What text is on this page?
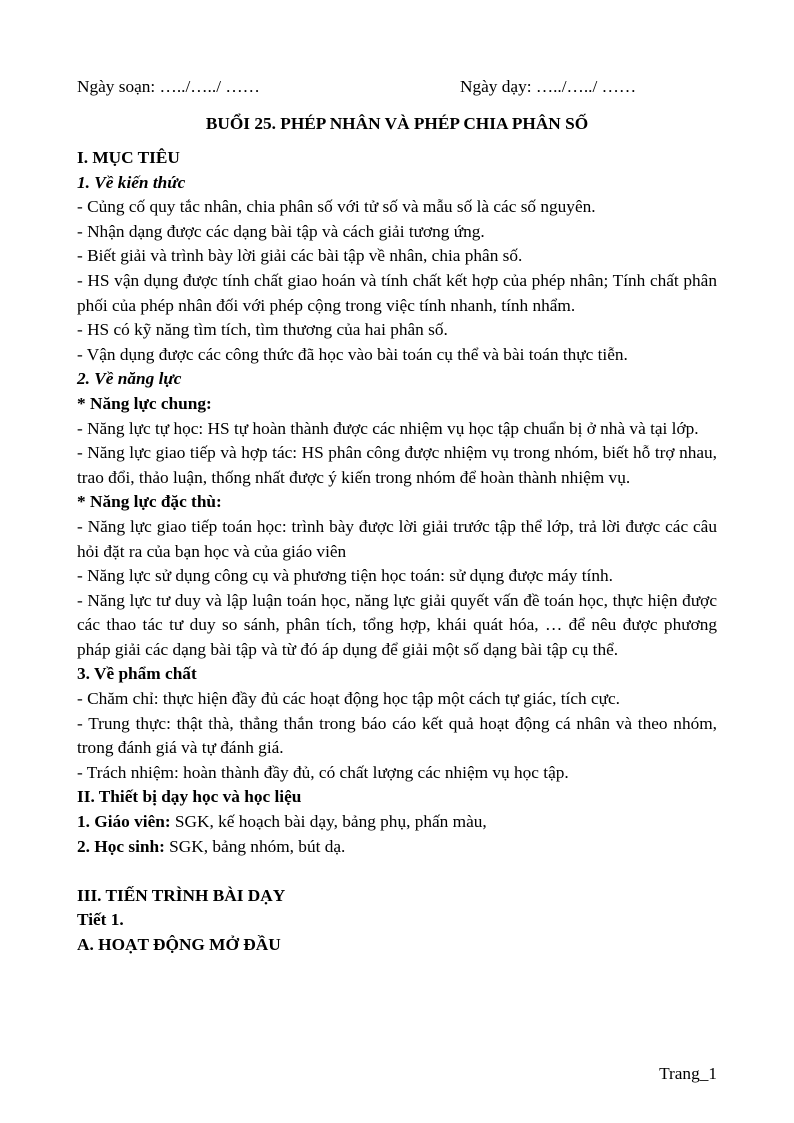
Ngày soạn: …../…../ ……	Ngày dạy: …../…../ ……
BUỔI 25. PHÉP NHÂN VÀ PHÉP CHIA PHÂN SỐ

I. MỤC TIÊU

1. Về kiến thức

- Củng cố quy tắc nhân, chia phân số với tử số và mẫu số là các số nguyên.

- Nhận dạng được các dạng bài tập và cách giải tương ứng.

- Biết giải và trình bày lời giải các bài tập về nhân, chia phân số.

- HS vận dụng được tính chất giao hoán và tính chất kết hợp của phép nhân; Tính chất phân phối của phép nhân đối với phép cộng trong việc tính nhanh, tính nhẩm.

- HS có kỹ năng tìm tích, tìm thương của hai phân số.

- Vận dụng được các công thức đã học vào bài toán cụ thể và bài toán thực tiễn.

2. Về năng lực

* Năng lực chung:

- Năng lực tự học: HS tự hoàn thành được các nhiệm vụ học tập chuẩn bị ở nhà và tại lớp.

- Năng lực giao tiếp và hợp tác: HS phân công được nhiệm vụ trong nhóm, biết hỗ trợ nhau, trao đổi, thảo luận, thống nhất được ý kiến trong nhóm để hoàn thành nhiệm vụ.

* Năng lực đặc thù:

- Năng lực giao tiếp toán học: trình bày được lời giải trước tập thể lớp, trả lời được các câu hỏi đặt ra của bạn học và của giáo viên

- Năng lực sử dụng công cụ và phương tiện học toán: sử dụng được máy tính.

- Năng lực tư duy và lập luận toán học, năng lực giải quyết vấn đề toán học, thực hiện được các thao tác tư duy so sánh, phân tích, tổng hợp, khái quát hóa, … để nêu được phương pháp giải các dạng bài tập và từ đó áp dụng để giải một số dạng bài tập cụ thể.

3. Về phẩm chất

- Chăm chỉ: thực hiện đầy đủ các hoạt động học tập một cách tự giác, tích cực.

- Trung thực: thật thà, thẳng thắn trong báo cáo kết quả hoạt động cá nhân và theo nhóm, trong đánh giá và tự đánh giá.

- Trách nhiệm: hoàn thành đầy đủ, có chất lượng các nhiệm vụ học tập.

II. Thiết bị dạy học và học liệu

1. Giáo viên: SGK, kế hoạch bài dạy, bảng phụ, phấn màu,

2. Học sinh: SGK, bảng nhóm, bút dạ.

III. TIẾN TRÌNH BÀI DẠY

Tiết 1.

A. HOẠT ĐỘNG MỞ ĐẦU

Trang_1
